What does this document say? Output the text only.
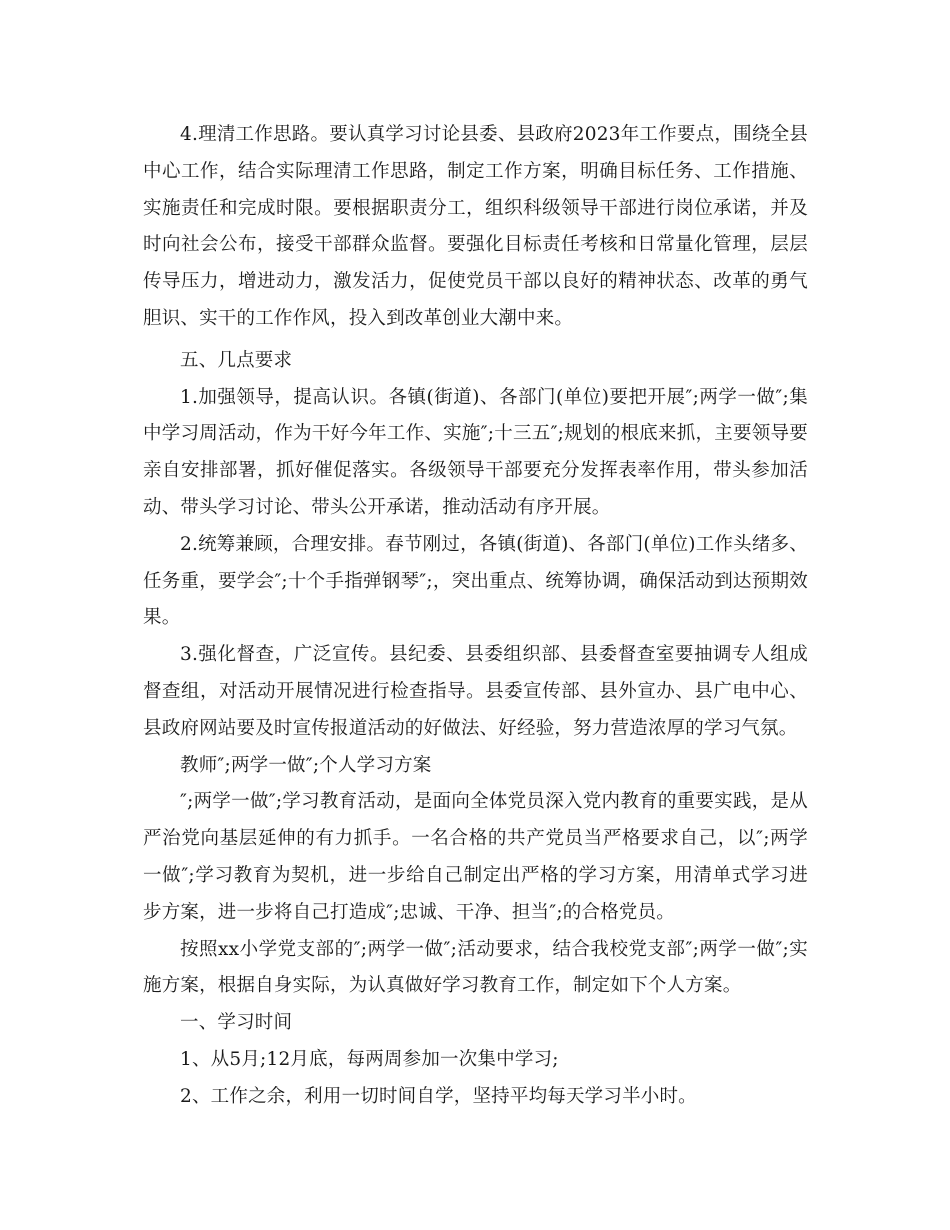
4.理清工作思路。要认真学习讨论县委、县政府2023年工作要点，围绕全县中心工作，结合实际理清工作思路，制定工作方案，明确目标任务、工作措施、实施责任和完成时限。要根据职责分工，组织科级领导干部进行岗位承诺，并及时向社会公布，接受干部群众监督。要强化目标责任考核和日常量化管理，层层传导压力，增进动力，激发活力，促使党员干部以良好的精神状态、改革的勇气胆识、实干的工作作风，投入到改革创业大潮中来。

五、几点要求

1.加强领导，提高认识。各镇(街道)、各部门(单位)要把开展″;两学一做″;集中学习周活动，作为干好今年工作、实施″;十三五″;规划的根底来抓，主要领导要亲自安排部署，抓好催促落实。各级领导干部要充分发挥表率作用，带头参加活动、带头学习讨论、带头公开承诺，推动活动有序开展。

2.统筹兼顾，合理安排。春节刚过，各镇(街道)、各部门(单位)工作头绪多、任务重，要学会″;十个手指弹钢琴″;，突出重点、统筹协调，确保活动到达预期效果。

3.强化督查，广泛宣传。县纪委、县委组织部、县委督查室要抽调专人组成督查组，对活动开展情况进行检查指导。县委宣传部、县外宣办、县广电中心、县政府网站要及时宣传报道活动的好做法、好经验，努力营造浓厚的学习气氛。

教师″;两学一做″;个人学习方案

″;两学一做″;学习教育活动，是面向全体党员深入党内教育的重要实践，是从严治党向基层延伸的有力抓手。一名合格的共产党员当严格要求自己，以″;两学一做″;学习教育为契机，进一步给自己制定出严格的学习方案，用清单式学习进步方案，进一步将自己打造成″;忠诚、干净、担当″;的合格党员。

按照xx小学党支部的″;两学一做″;活动要求，结合我校党支部″;两学一做″;实施方案，根据自身实际，为认真做好学习教育工作，制定如下个人方案。

一、学习时间

1、从5月;12月底，每两周参加一次集中学习;

2、工作之余，利用一切时间自学，坚持平均每天学习半小时。
